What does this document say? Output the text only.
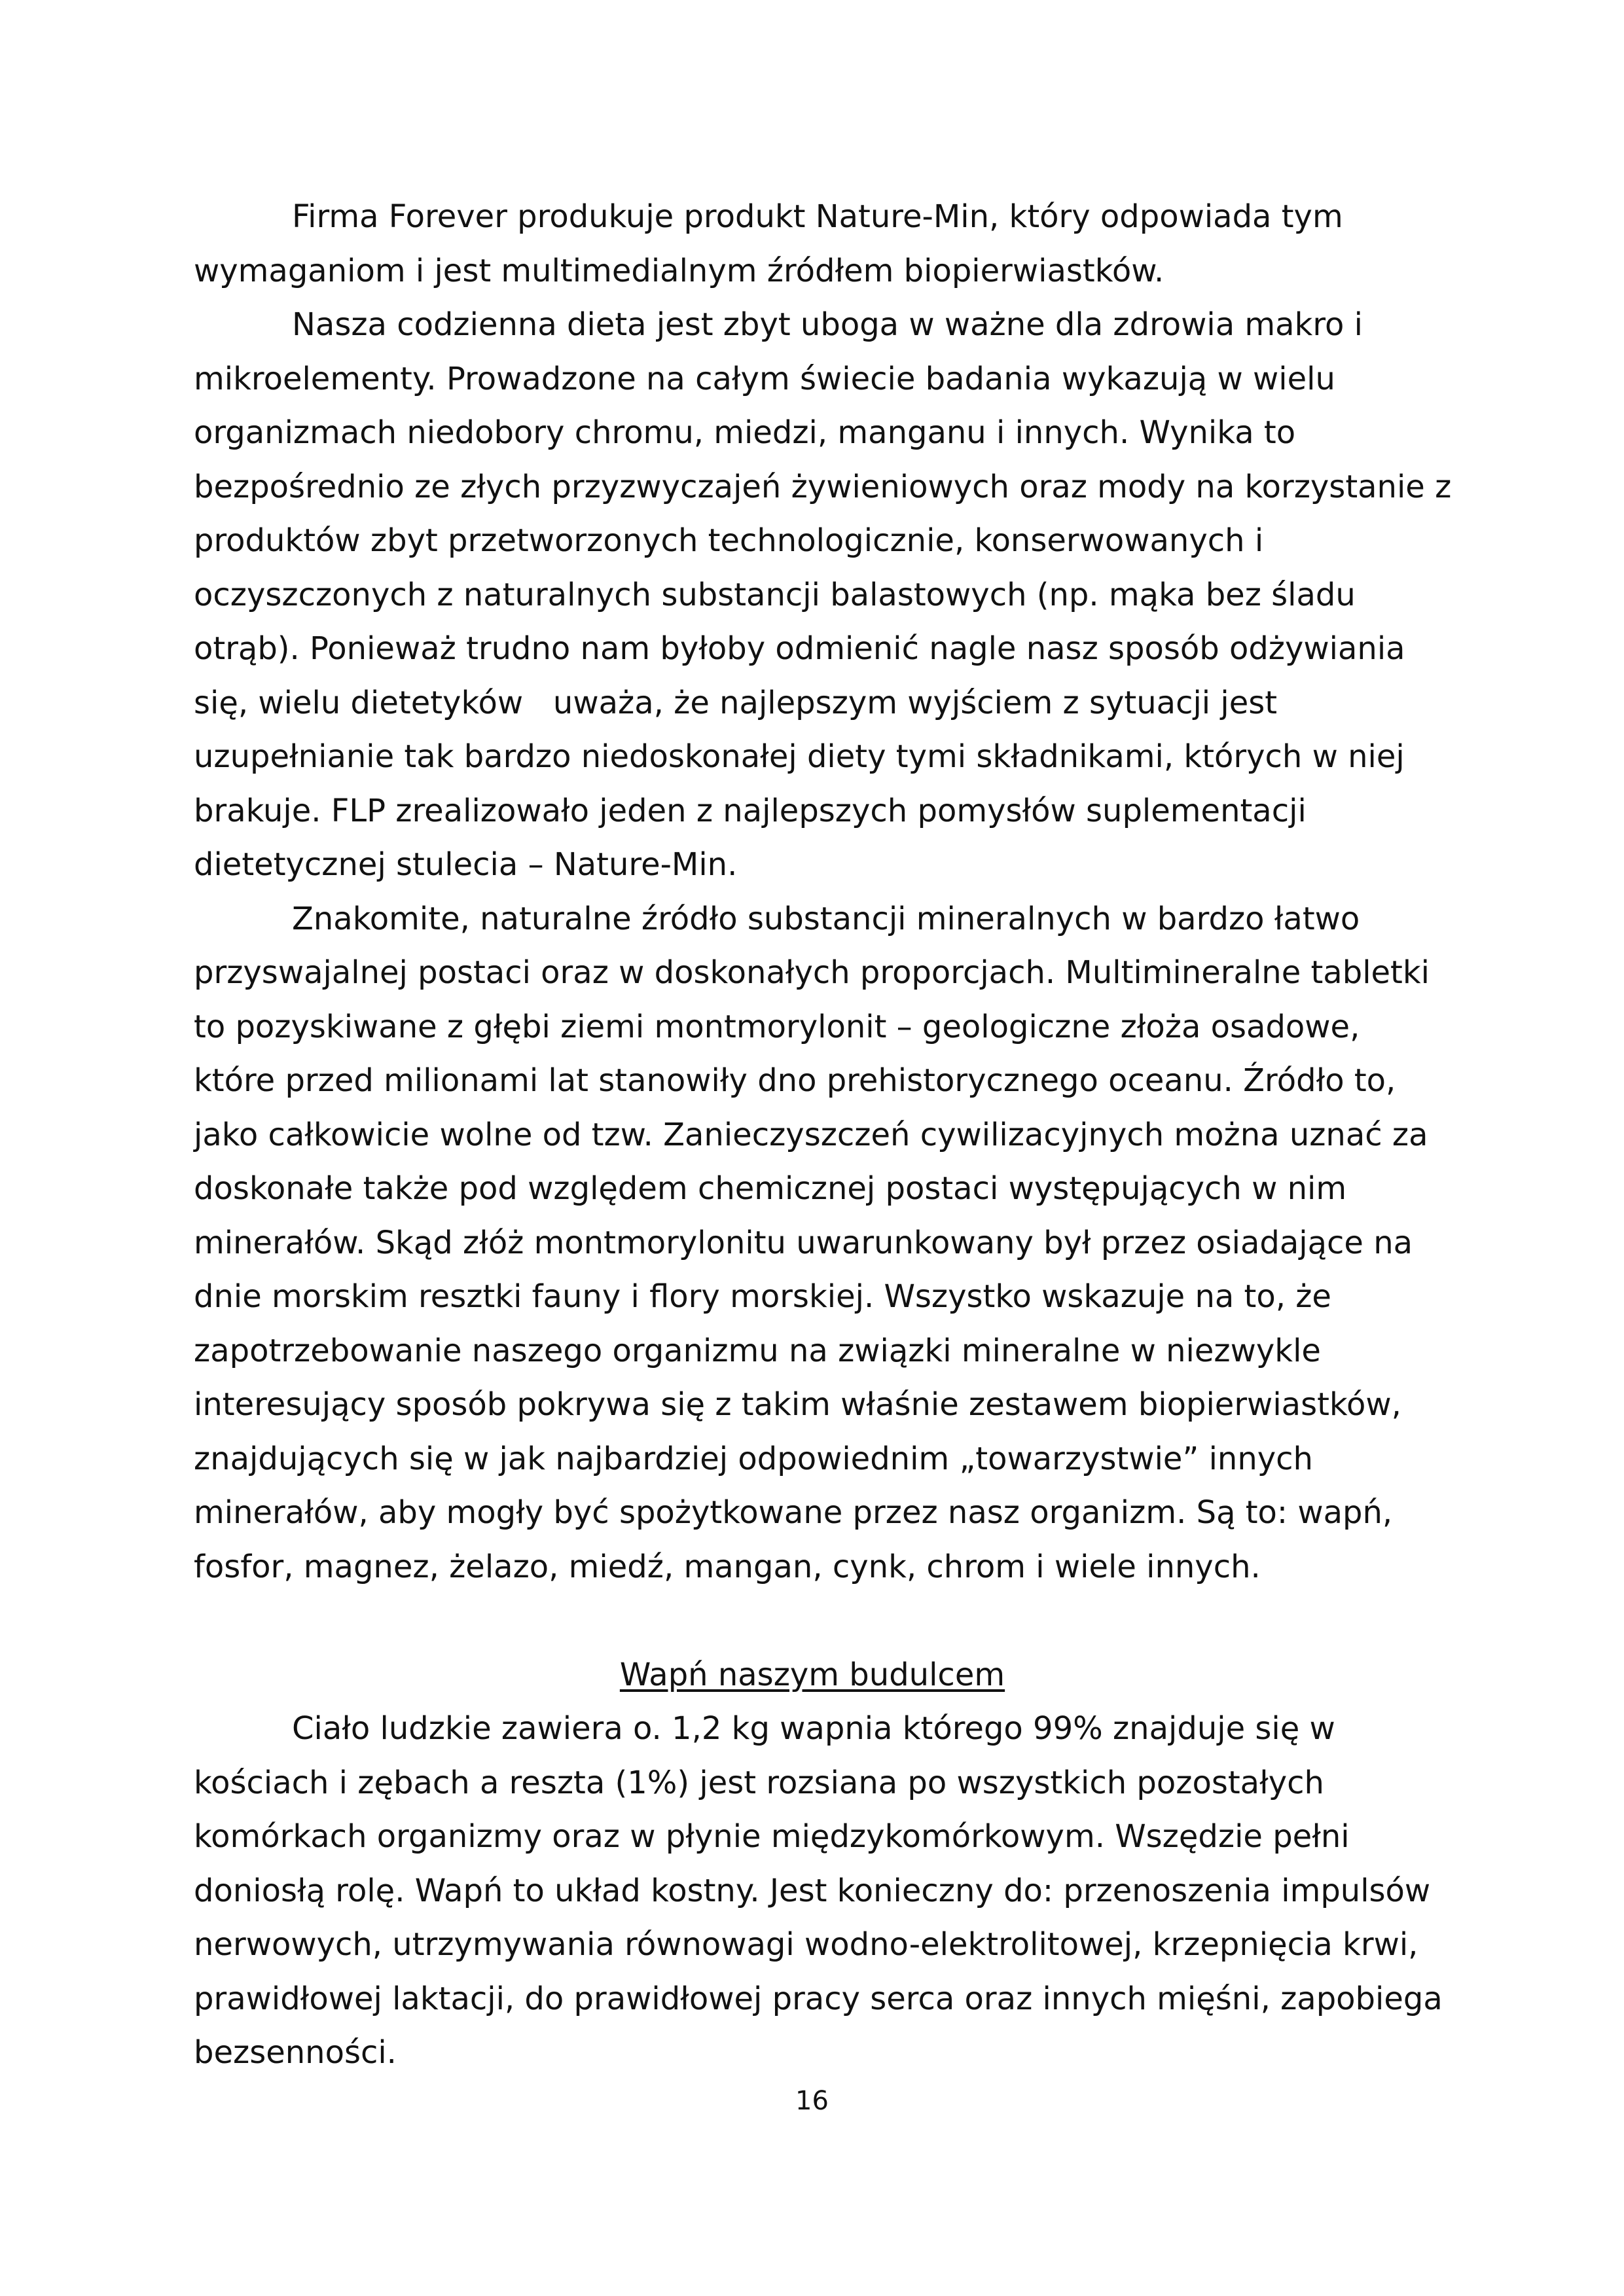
Firma Forever produkuje produkt Nature-Min, który odpowiada tym
wymaganiom i jest multimedialnym źródłem biopierwiastków.
Nasza codzienna dieta jest zbyt uboga w ważne dla zdrowia makro i
mikroelementy. Prowadzone na całym świecie badania wykazują w wielu
organizmach niedobory chromu, miedzi, manganu i innych. Wynika to
bezpośrednio ze złych przyzwyczajeń żywieniowych oraz mody na korzystanie z
produktów zbyt przetworzonych technologicznie, konserwowanych i
oczyszczonych z naturalnych substancji balastowych (np. mąka bez śladu
otrąb). Ponieważ trudno nam byłoby odmienić nagle nasz sposób odżywiania
się, wielu dietetyków   uważa, że najlepszym wyjściem z sytuacji jest
uzupełnianie tak bardzo niedoskonałej diety tymi składnikami, których w niej
brakuje. FLP zrealizowało jeden z najlepszych pomysłów suplementacji
dietetycznej stulecia – Nature-Min.
Znakomite, naturalne źródło substancji mineralnych w bardzo łatwo
przyswajalnej postaci oraz w doskonałych proporcjach. Multimineralne tabletki
to pozyskiwane z głębi ziemi montmorylonit – geologiczne złoża osadowe,
które przed milionami lat stanowiły dno prehistorycznego oceanu. Źródło to,
jako całkowicie wolne od tzw. Zanieczyszczeń cywilizacyjnych można uznać za
doskonałe także pod względem chemicznej postaci występujących w nim
minerałów. Skąd złóż montmorylonitu uwarunkowany był przez osiadające na
dnie morskim resztki fauny i flory morskiej. Wszystko wskazuje na to, że
zapotrzebowanie naszego organizmu na związki mineralne w niezwykle
interesujący sposób pokrywa się z takim właśnie zestawem biopierwiastków,
znajdujących się w jak najbardziej odpowiednim „towarzystwie” innych
minerałów, aby mogły być spożytkowane przez nasz organizm. Są to: wapń,
fosfor, magnez, żelazo, miedź, mangan, cynk, chrom i wiele innych.
Wapń naszym budulcem
Ciało ludzkie zawiera o. 1,2 kg wapnia którego 99% znajduje się w
kościach i zębach a reszta (1%) jest rozsiana po wszystkich pozostałych
komórkach organizmy oraz w płynie międzykomórkowym. Wszędzie pełni
doniosłą rolę. Wapń to układ kostny. Jest konieczny do: przenoszenia impulsów
nerwowych, utrzymywania równowagi wodno-elektrolitowej, krzepnięcia krwi,
prawidłowej laktacji, do prawidłowej pracy serca oraz innych mięśni, zapobiega
bezsenności.
16
